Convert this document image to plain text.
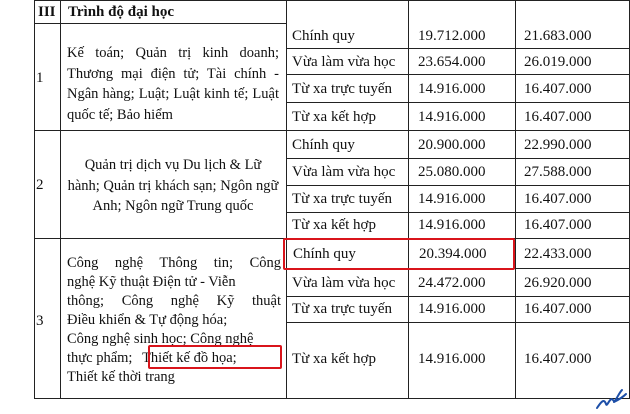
III Trình độ đại học
1
Kế toán; Quản trị kinh doanh; Thương mại điện tử; Tài chính - Ngân hàng; Luật; Luật kinh tế; Luật quốc tế; Bảo hiểm
Chính quy	19.712.000	21.683.000
Vừa làm vừa học 23.654.000	26.019.000
Từ xa trực tuyến 14.916.000	16.407.000
Từ xa kết hợp	14.916.000	16.407.000
2
Quản trị dịch vụ Du lịch & Lữ hành; Quản trị khách sạn; Ngôn ngữ Anh; Ngôn ngữ Trung quốc
Chính quy	20.900.000	22.990.000
Vừa làm vừa học 25.080.000	27.588.000
Từ xa trực tuyến 14.916.000	16.407.000
Từ xa kết hợp	14.916.000	16.407.000
3
Công nghệ Thông tin; Công
nghệ Kỹ thuật Điện tử - Viễn
thông; Công nghệ Kỹ thuật
Điều khiển & Tự động hóa;
Công nghệ sinh học; Công nghệ
thực phẩm; Thiết kế đồ họa;
Thiết kế thời trang
Chính quy	20.394.000	22.433.000
Vừa làm vừa học 24.472.000	26.920.000
Từ xa trực tuyến 14.916.000	16.407.000
Từ xa kết hợp	14.916.000	16.407.000
